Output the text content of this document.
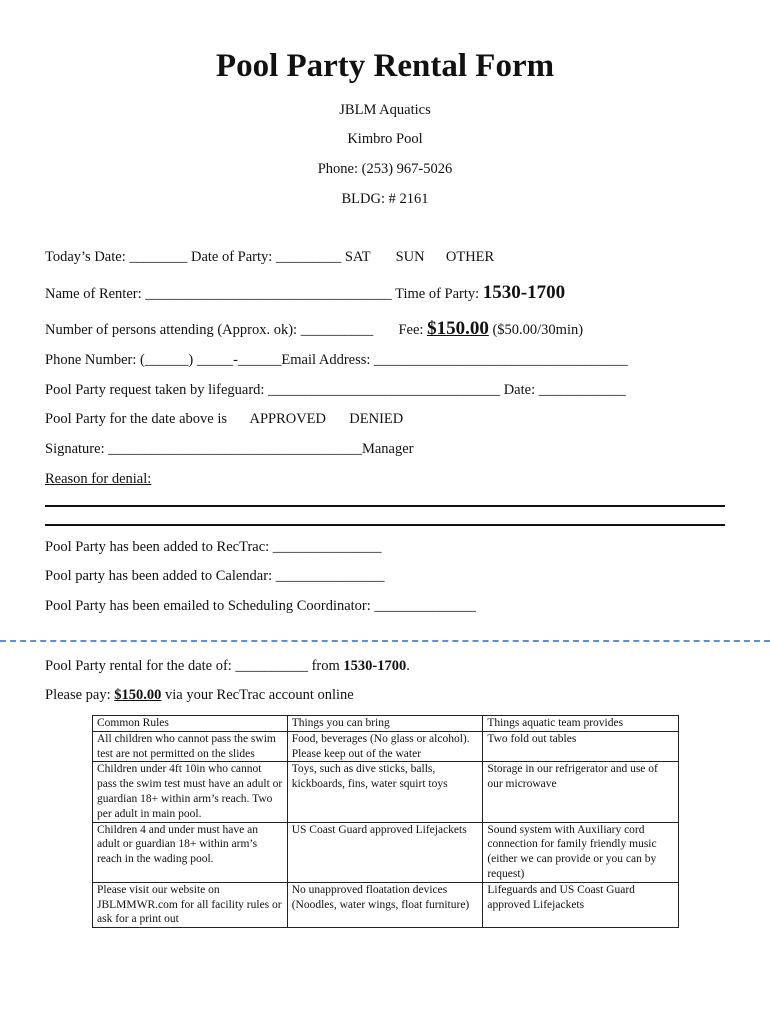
Pool Party Rental Form
JBLM Aquatics
Kimbro Pool
Phone: (253) 967-5026
BLDG: # 2161
Today’s Date: ________ Date of Party: _________ SAT SUN OTHER
Name of Renter: __________________________________ Time of Party: 1530-1700
Number of persons attending (Approx. ok): __________ Fee: $150.00 ($50.00/30min)
Phone Number: (______) _____-______Email Address: ___________________________________
Pool Party request taken by lifeguard: ________________________________ Date: ____________
Pool Party for the date above is APPROVED DENIED
Signature: ___________________________________Manager
Reason for denial:
Pool Party has been added to RecTrac: _______________
Pool party has been added to Calendar: _______________
Pool Party has been emailed to Scheduling Coordinator: ______________
Pool Party rental for the date of: __________ from 1530-1700.
Please pay: $150.00 via your RecTrac account online
Common Rules	Things you can bring	Things aquatic team provides
All children who cannot pass the swim test are not permitted on the slides	Food, beverages (No glass or alcohol). Please keep out of the water	Two fold out tables
Children under 4ft 10in who cannot pass the swim test must have an adult or guardian 18+ within arm’s reach. Two per adult in main pool.	Toys, such as dive sticks, balls, kickboards, fins, water squirt toys	Storage in our refrigerator and use of our microwave
Children 4 and under must have an adult or guardian 18+ within arm’s reach in the wading pool.	US Coast Guard approved Lifejackets	Sound system with Auxiliary cord connection for family friendly music (either we can provide or you can by request)
Please visit our website on JBLMMWR.com for all facility rules or ask for a print out	No unapproved floatation devices (Noodles, water wings, float furniture)	Lifeguards and US Coast Guard approved Lifejackets
